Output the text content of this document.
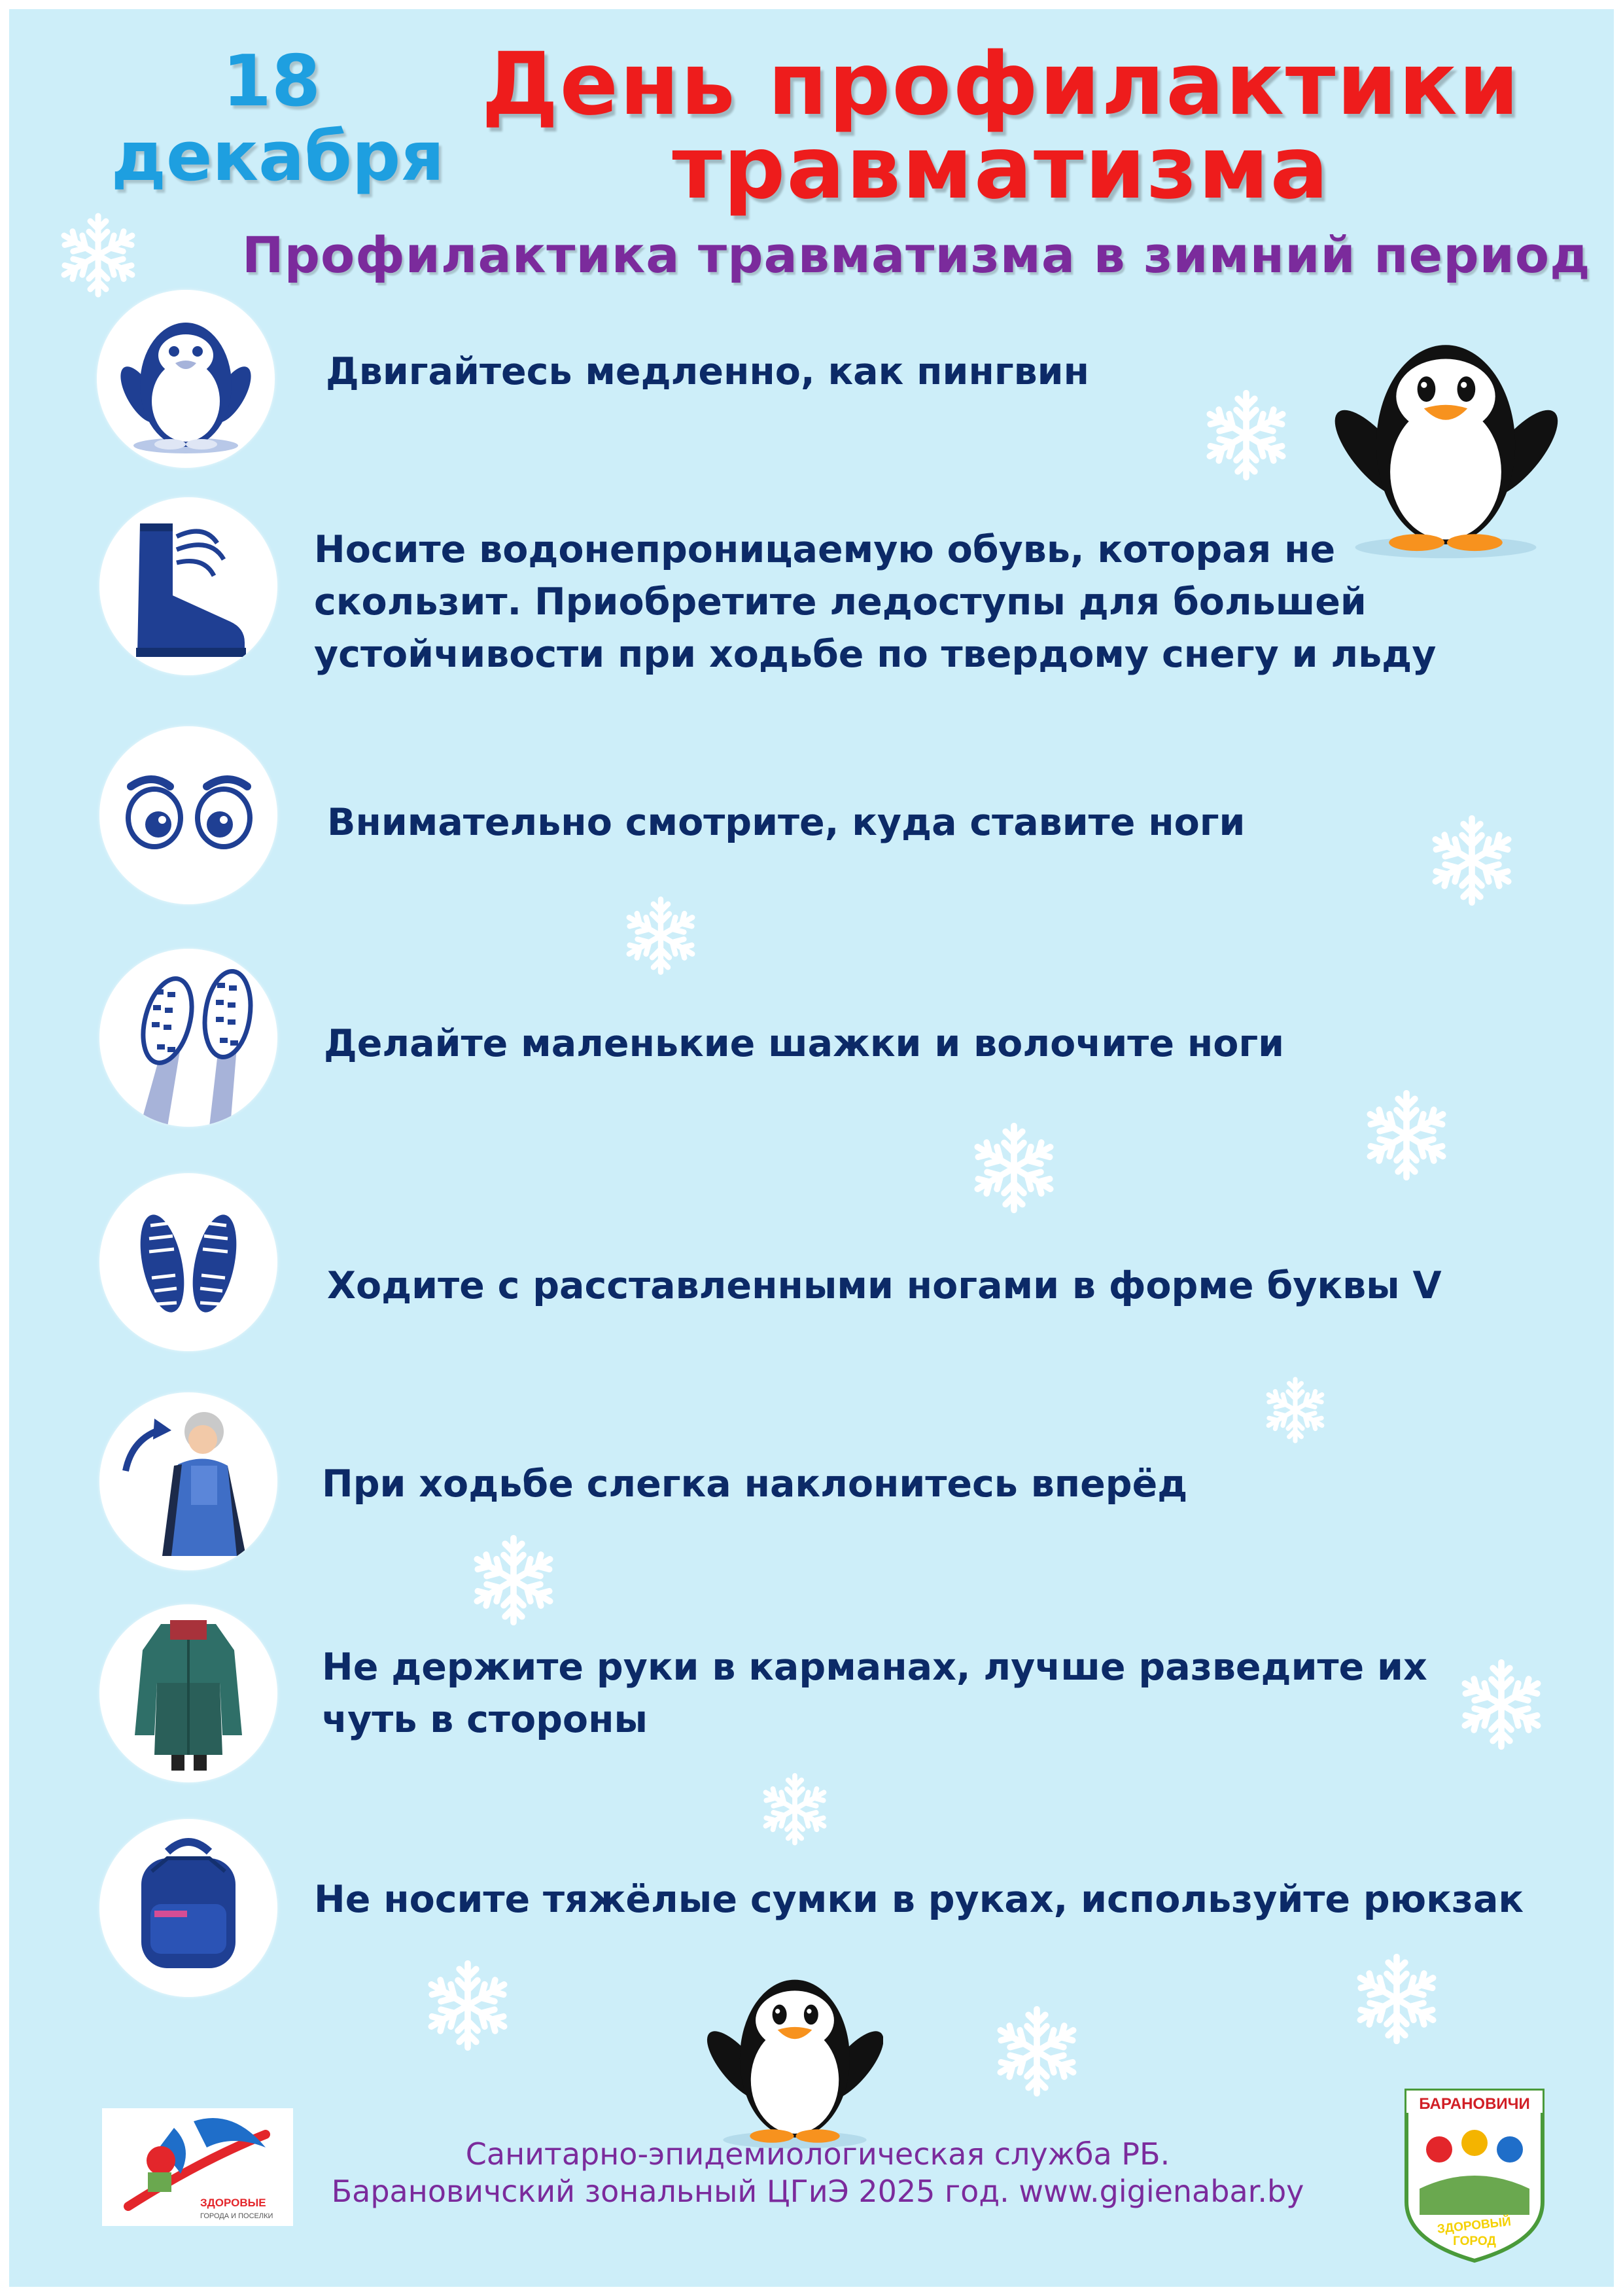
18
декабря
День профилактики
травматизма
Профилактика травматизма в зимний период
Двигайтесь медленно, как пингвин
Носите водонепроницаемую обувь, которая не
скользит. Приобретите ледоступы для большей
устойчивости при ходьбе по твердому снегу и льду
Внимательно смотрите, куда ставите ноги
Делайте маленькие шажки и волочите ноги
Ходите с расставленными ногами в форме буквы V
При ходьбе слегка наклонитесь вперёд
Не держите руки в карманах, лучше разведите их
чуть в стороны
Не носите тяжёлые сумки в руках, используйте рюкзак
ЗДОРОВЫЕ
ГОРОДА И ПОСЕЛКИ
Санитарно-эпидемиологическая служба РБ.
Барановичский зональный ЦГиЭ 2025 год. www.gigienabar.by
БАРАНОВИЧИ
ЗДОРОВЫЙ
ГОРОД
